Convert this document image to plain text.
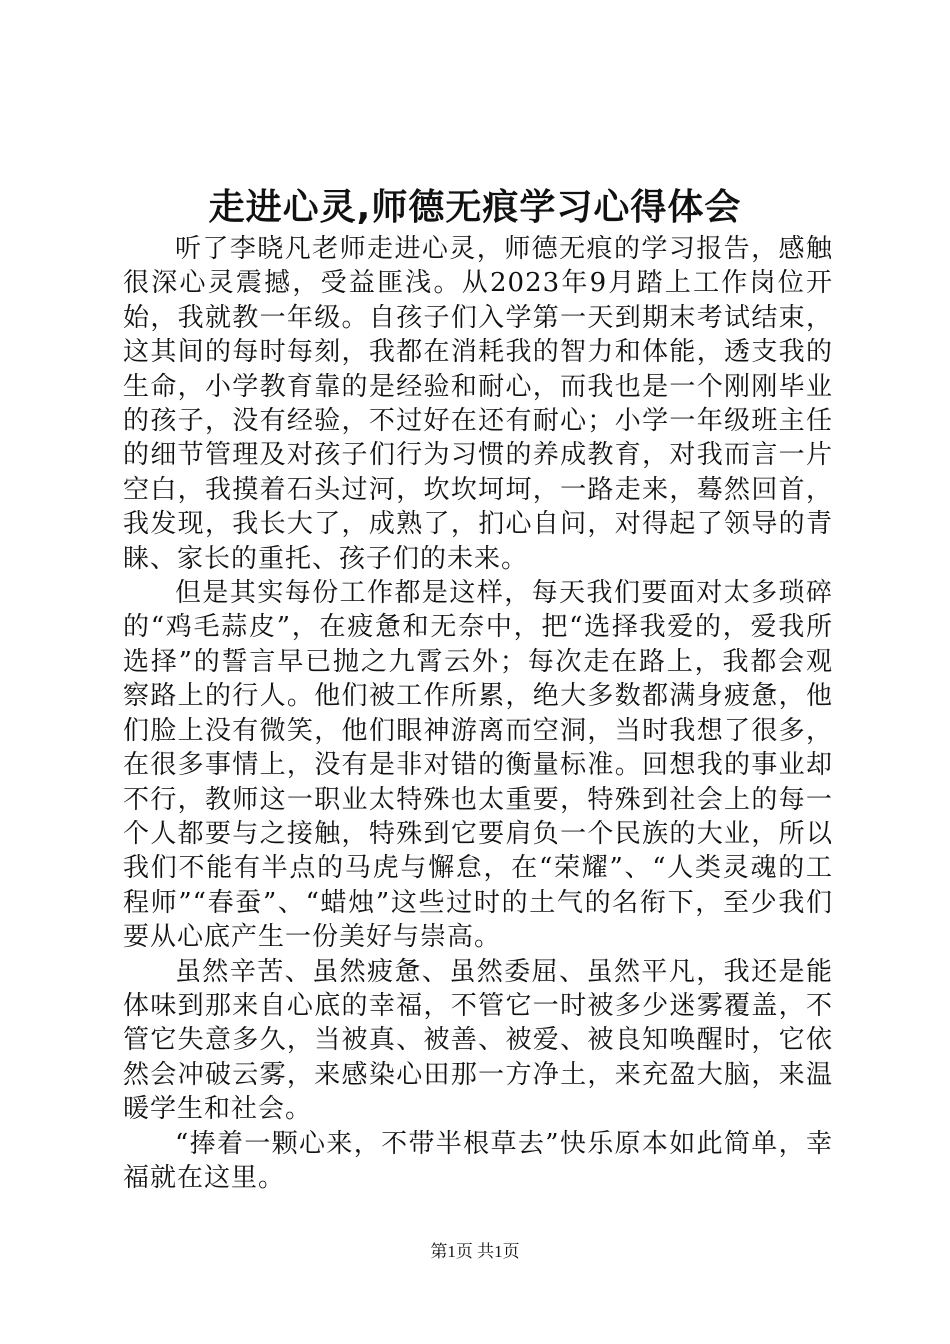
走进心灵,师德无痕学习心得体会

听了李晓凡老师走进心灵，师德无痕的学习报告，感触很深心灵震撼，受益匪浅。从2023年9月踏上工作岗位开始，我就教一年级。自孩子们入学第一天到期末考试结束，这其间的每时每刻，我都在消耗我的智力和体能，透支我的生命，小学教育靠的是经验和耐心，而我也是一个刚刚毕业的孩子，没有经验，不过好在还有耐心；小学一年级班主任的细节管理及对孩子们行为习惯的养成教育，对我而言一片空白，我摸着石头过河，坎坎坷坷，一路走来，蓦然回首，我发现，我长大了，成熟了，扪心自问，对得起了领导的青睐、家长的重托、孩子们的未来。

但是其实每份工作都是这样，每天我们要面对太多琐碎的“鸡毛蒜皮”，在疲惫和无奈中，把“选择我爱的，爱我所选择”的誓言早已抛之九霄云外；每次走在路上，我都会观察路上的行人。他们被工作所累，绝大多数都满身疲惫，他们脸上没有微笑，他们眼神游离而空洞，当时我想了很多，在很多事情上，没有是非对错的衡量标准。回想我的事业却不行，教师这一职业太特殊也太重要，特殊到社会上的每一个人都要与之接触，特殊到它要肩负一个民族的大业，所以我们不能有半点的马虎与懈怠，在“荣耀”、“人类灵魂的工程师”“春蚕”、“蜡烛”这些过时的土气的名衔下，至少我们要从心底产生一份美好与崇高。

虽然辛苦、虽然疲惫、虽然委屈、虽然平凡，我还是能体味到那来自心底的幸福，不管它一时被多少迷雾覆盖，不管它失意多久，当被真、被善、被爱、被良知唤醒时，它依然会冲破云雾，来感染心田那一方净土，来充盈大脑，来温暖学生和社会。

“捧着一颗心来，不带半根草去”快乐原本如此简单，幸福就在这里。

第1页 共1页
